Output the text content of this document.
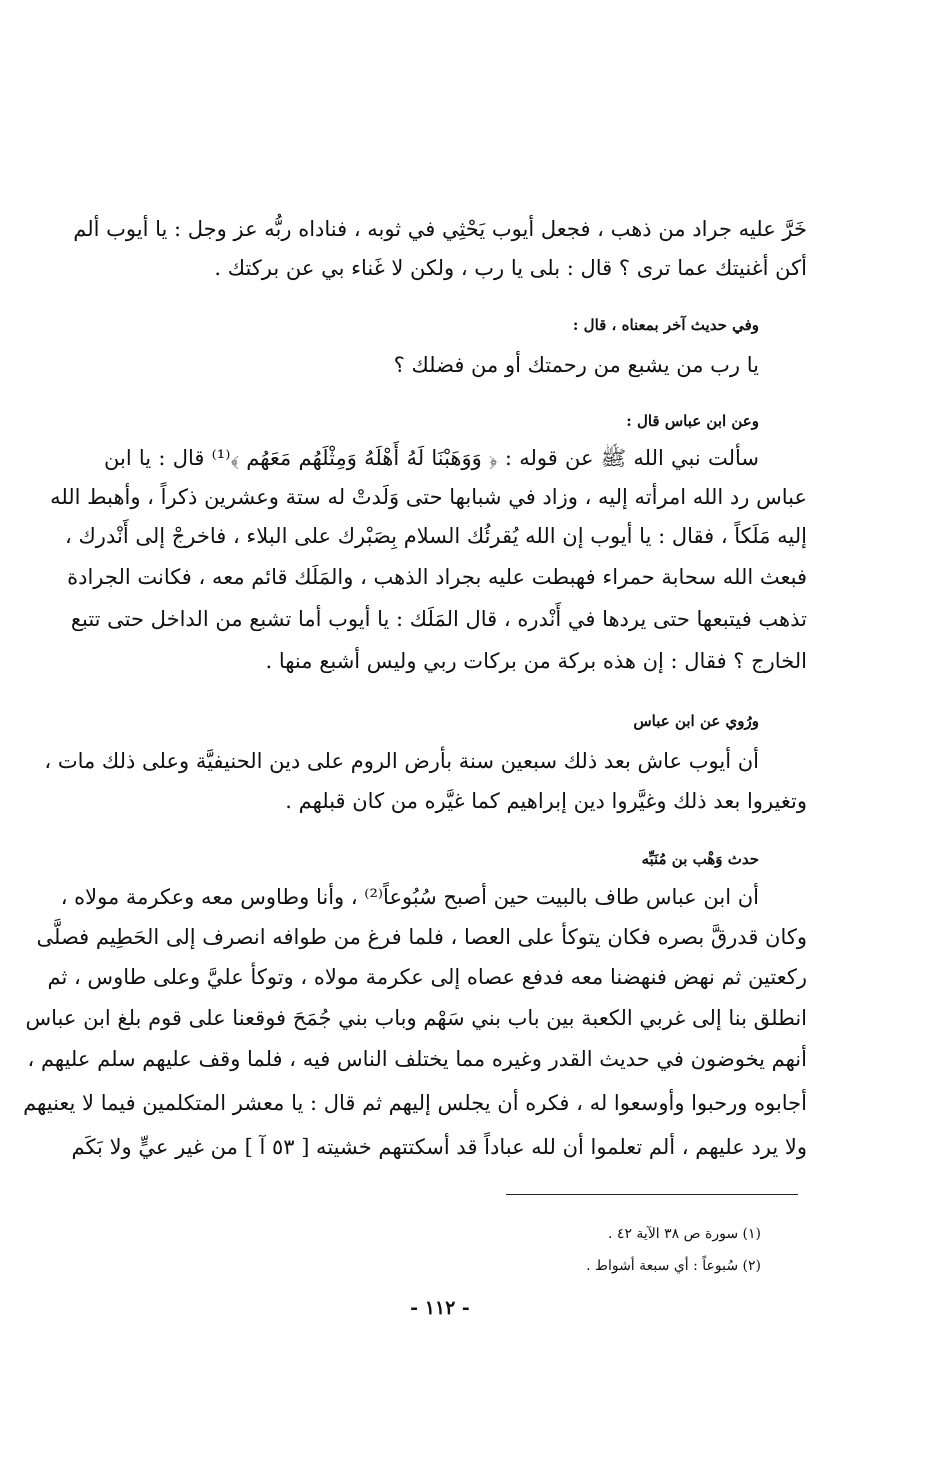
خَرَّ عليه جراد من ذهب ، فجعل أيوب يَحْثِي في ثوبه ، فناداه ربُّه عز وجل : يا أيوب ألم
أكن أغنيتك عما ترى ؟ قال : بلى يا رب ، ولكن لا غَناء بي عن بركتك .
وفي حديث آخر بمعناه ، قال :
يا رب من يشبع من رحمتك أو من فضلك ؟
وعن ابن عباس قال :
سألت نبي الله ﷺ عن قوله : ﴿ وَوَهَبْنَا لَهُ أَهْلَهُ وَمِثْلَهُم مَعَهُم ﴾⁽¹⁾ قال : يا ابن
عباس رد الله امرأته إليه ، وزاد في شبابها حتى وَلَدتْ له ستة وعشرين ذكراً ، وأهبط الله
إليه مَلَكاً ، فقال : يا أيوب إن الله يُقرئُك السلام بِصَبْرك على البلاء ، فاخرجْ إلى أَنْدرك ،
فبعث الله سحابة حمراء فهبطت عليه بجراد الذهب ، والمَلَك قائم معه ، فكانت الجرادة
تذهب فيتبعها حتى يردها في أَنْدره ، قال المَلَك : يا أيوب أما تشبع من الداخل حتى تتبع
الخارج ؟ فقال : إن هذه بركة من بركات ربي وليس أشبع منها .
ورُوي عن ابن عباس
أن أيوب عاش بعد ذلك سبعين سنة بأرض الروم على دين الحنيفيَّة وعلى ذلك مات ،
وتغيروا بعد ذلك وغيَّروا دين إبراهيم كما غيَّره من كان قبلهم .
حدث وَهْب بن مُنَبِّه
أن ابن عباس طاف بالبيت حين أصبح سُبُوعاً⁽²⁾ ، وأنا وطاوس معه وعكرمة مولاه ،
وكان قدرقَّ بصره فكان يتوكأ على العصا ، فلما فرغ من طوافه انصرف إلى الحَطِيم فصلَّى
ركعتين ثم نهض فنهضنا معه فدفع عصاه إلى عكرمة مولاه ، وتوكأ عليَّ وعلى طاوس ، ثم
انطلق بنا إلى غربي الكعبة بين باب بني سَهْم وباب بني جُمَحَ فوقعنا على قوم بلغ ابن عباس
أنهم يخوضون في حديث القدر وغيره مما يختلف الناس فيه ، فلما وقف عليهم سلم عليهم ،
أجابوه ورحبوا وأوسعوا له ، فكره أن يجلس إليهم ثم قال : يا معشر المتكلمين فيما لا يعنيهم
ولا يرد عليهم ، ألم تعلموا أن لله عباداً قد أسكتتهم خشيته [ ٥٣ آ ] من غير عيٍّ ولا بَكَم
(١) سورة ص ٣٨ الآية ٤٢ .
(٢) سُبوعاً : أي سبعة أشواط .
- ١١٢ -
